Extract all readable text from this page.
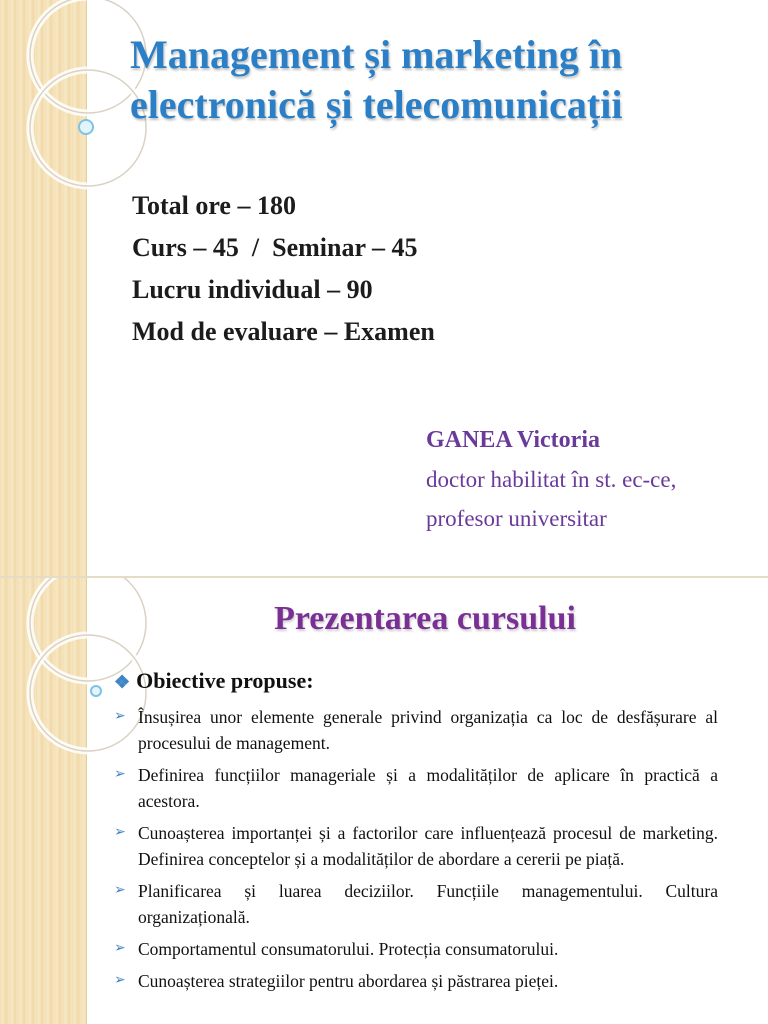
Management și marketing în electronică și telecomunicații
Total ore – 180
Curs – 45  /  Seminar – 45
Lucru individual – 90
Mod de evaluare – Examen
GANEA Victoria
doctor habilitat în st. ec-ce,
profesor universitar
Prezentarea cursului
❖ Obiective propuse:
➢ Însușirea unor elemente generale privind organizația ca loc de desfășurare al procesului de management.
➢ Definirea funcțiilor manageriale și a modalităților de aplicare în practică a acestora.
➢ Cunoașterea importanței și a factorilor care influențează procesul de marketing. Definirea conceptelor și a modalităților de abordare a cererii pe piață.
➢ Planificarea și luarea deciziilor. Funcțiile managementului. Cultura organizațională.
➢ Comportamentul consumatorului. Protecția consumatorului.
➢ Cunoașterea strategiilor pentru abordarea și păstrarea pieței.
